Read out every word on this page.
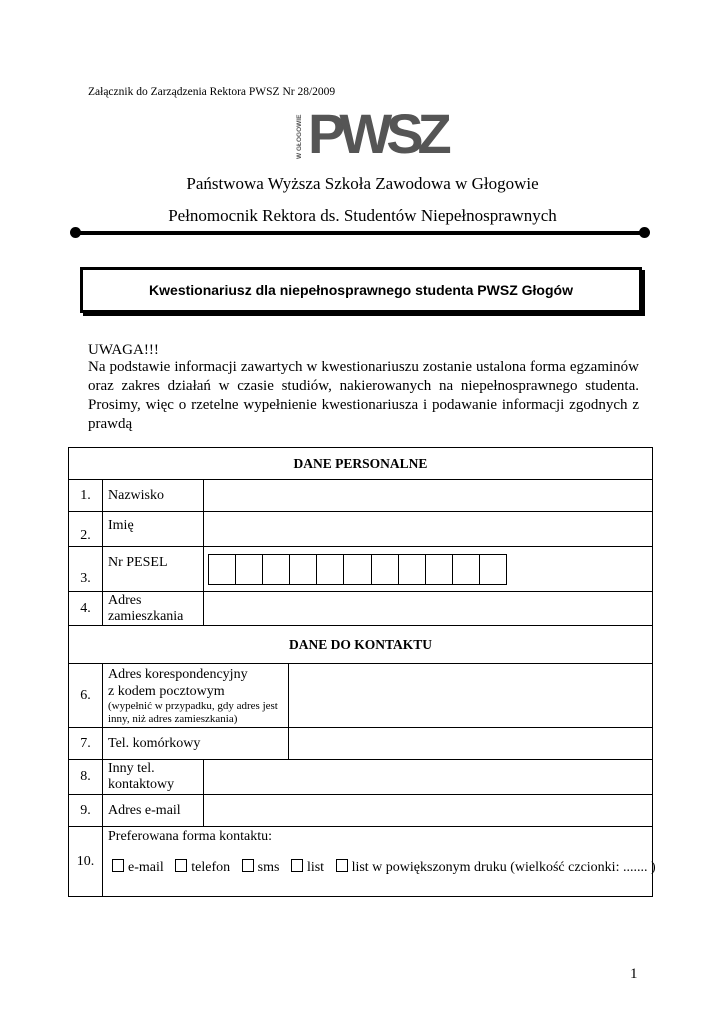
Załącznik do Zarządzenia Rektora PWSZ Nr 28/2009
W GŁOGOWIE PWSZ
Państwowa Wyższa Szkoła Zawodowa w Głogowie
Pełnomocnik Rektora ds. Studentów Niepełnosprawnych
Kwestionariusz dla niepełnosprawnego studenta PWSZ Głogów
UWAGA!!!
Na podstawie informacji zawartych w kwestionariuszu zostanie ustalona forma egzaminów oraz zakres działań w czasie studiów, nakierowanych na niepełnosprawnego studenta. Prosimy, więc o rzetelne wypełnienie kwestionariusza i podawanie informacji zgodnych z prawdą
DANE PERSONALNE			
1.	Nazwisko		
2.	Imię		
3.	Nr PESEL		

4.	Adres zamieszkania		
DANE DO KONTAKTU			
6.	Adres korespondencyjny
z kodem pocztowym
(wypełnić w przypadku, gdy adres jest inny, niż adres zamieszkania)		

7.	Tel. komórkowy		
8.	Inny tel. kontaktowy		
9.	Adres e-mail		
10.	Preferowana forma kontaktu:
e-mail telefon sms list list w powiększonym druku (wielkość czcionki: ....... )		
1
